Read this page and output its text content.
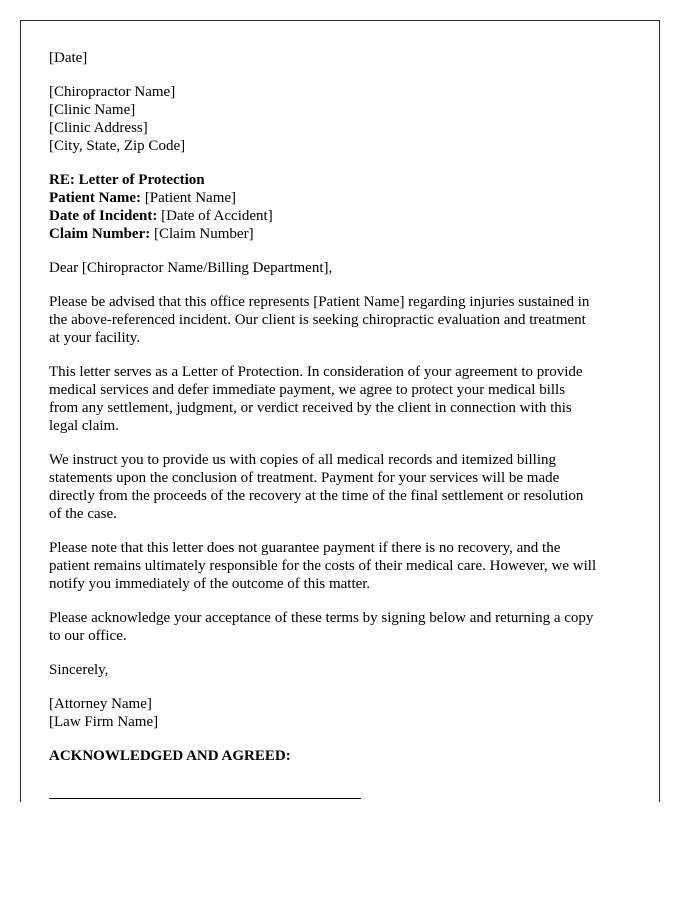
[Date]
[Chiropractor Name]
[Clinic Name]
[Clinic Address]
[City, State, Zip Code]
RE: Letter of Protection
Patient Name: [Patient Name]
Date of Incident: [Date of Accident]
Claim Number: [Claim Number]
Dear [Chiropractor Name/Billing Department],
Please be advised that this office represents [Patient Name] regarding injuries sustained in
the above-referenced incident. Our client is seeking chiropractic evaluation and treatment
at your facility.
This letter serves as a Letter of Protection. In consideration of your agreement to provide
medical services and defer immediate payment, we agree to protect your medical bills
from any settlement, judgment, or verdict received by the client in connection with this
legal claim.
We instruct you to provide us with copies of all medical records and itemized billing
statements upon the conclusion of treatment. Payment for your services will be made
directly from the proceeds of the recovery at the time of the final settlement or resolution
of the case.
Please note that this letter does not guarantee payment if there is no recovery, and the
patient remains ultimately responsible for the costs of their medical care. However, we will
notify you immediately of the outcome of this matter.
Please acknowledge your acceptance of these terms by signing below and returning a copy
to our office.
Sincerely,
[Attorney Name]
[Law Firm Name]
ACKNOWLEDGED AND AGREED:
